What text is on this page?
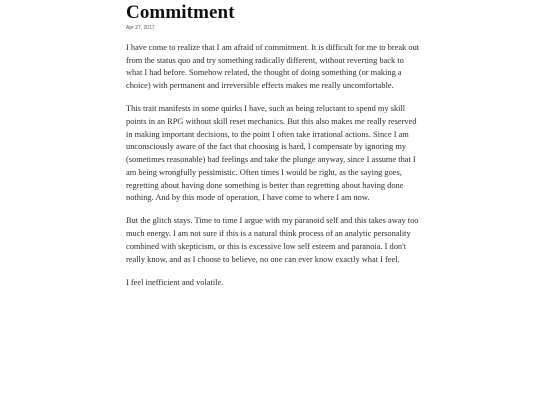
Commitment
Apr 27, 2017

I have come to realize that I am afraid of commitment. It is difficult for me to break out from the status quo and try something radically different, without reverting back to what I had before. Somehow related, the thought of doing something (or making a choice) with permanent and irreversible effects makes me really uncomfortable.

This trait manifests in some quirks I have, such as being reluctant to spend my skill points in an RPG without skill reset mechanics. But this also makes me really reserved in making important decisions, to the point I often take irrational actions. Since I am unconsciously aware of the fact that choosing is hard, I compensate by ignoring my (sometimes reasonable) bad feelings and take the plunge anyway, since I assume that I am being wrongfully pessimistic. Often times I would be right, as the saying goes, regretting about having done something is better than regretting about having done nothing. And by this mode of operation, I have come to where I am now.

But the glitch stays. Time to time I argue with my paranoid self and this takes away too much energy. I am not sure if this is a natural think process of an analytic personality combined with skepticism, or this is excessive low self esteem and paranoia. I don't really know, and as I choose to believe, no one can ever know exactly what I feel.

I feel inefficient and volatile.
